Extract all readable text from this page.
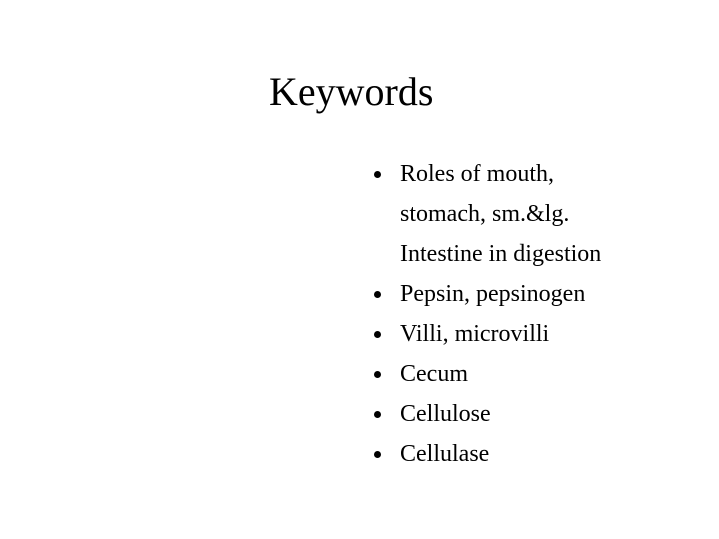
Keywords
Roles of mouth,
stomach, sm.&lg.
Intestine in digestion
Pepsin, pepsinogen
Villi, microvilli
Cecum
Cellulose
Cellulase
